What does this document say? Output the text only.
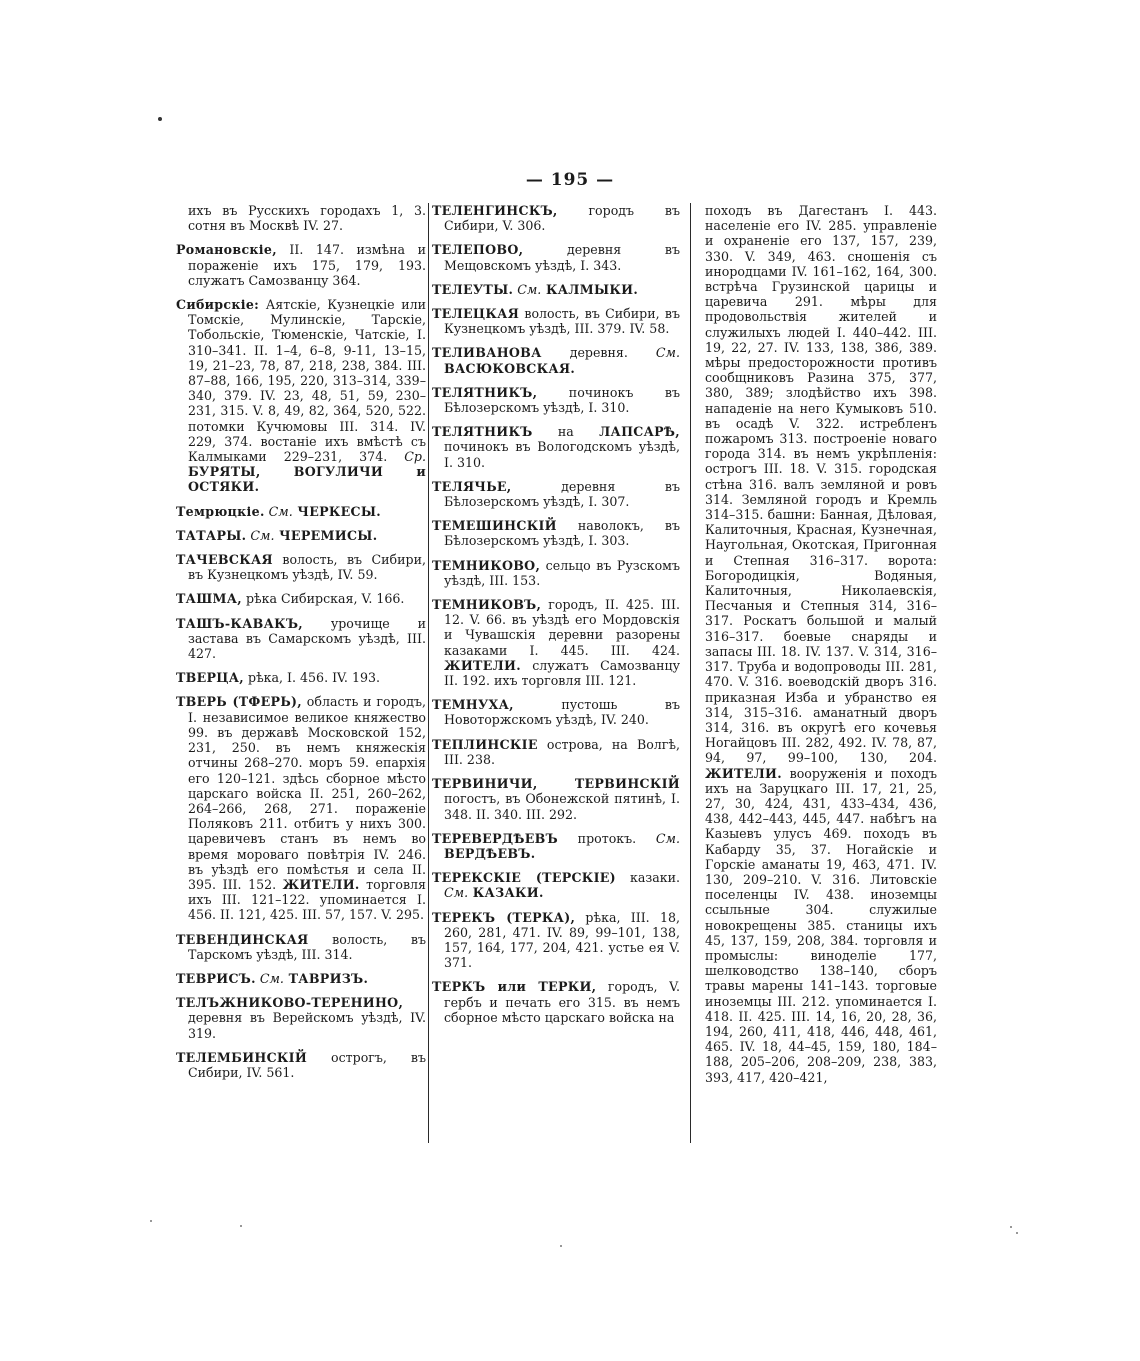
— 195 —

ихъ въ Русскихъ городахъ 1, 3. сотня въ Москвѣ IV. 27.

Романовскіе, II. 147. измѣна и пораженіе ихъ 175, 179, 193. служатъ Самозванцу 364.

Сибирскіе: Аятскіе, Кузнецкіе или Томскіе, Мулинскіе, Тарскіе, Тобольскіе, Тюменскіе, Чатскіе, I. 310–341. II. 1–4, 6–8, 9-11, 13–15, 19, 21–23, 78, 87, 218, 238, 384. III. 87–88, 166, 195, 220, 313–314, 339–340, 379. IV. 23, 48, 51, 59, 230–231, 315. V. 8, 49, 82, 364, 520, 522. потомки Кучюмовы III. 314. IV. 229, 374. востаніе ихъ вмѣстѣ съ Калмыками 229–231, 374. Ср. БУРЯТЫ, ВОГУЛИЧИ и ОСТЯКИ.

Темрюцкіе. См. ЧЕРКЕСЫ.

ТАТАРЫ. См. ЧЕРЕМИСЫ.

ТАЧЕВСКАЯ волость, въ Сибири, въ Кузнецкомъ уѣздѣ, IV. 59.

ТАШМА, рѣка Сибирская, V. 166.

ТАШЪ-КАВАКЪ, урочище и застава въ Самарскомъ уѣздѣ, III. 427.

ТВЕРЦА, рѣка, I. 456. IV. 193.

ТВЕРЬ (ТФЕРЬ), область и городъ, I. независимое великое княжество 99. въ державѣ Московской 152, 231, 250. въ немъ княжескія отчины 268–270. моръ 59. епархія его 120–121. здѣсь сборное мѣсто царскаго войска II. 251, 260–262, 264–266, 268, 271. пораженіе Поляковъ 211. отбитъ у нихъ 300. царевичевъ станъ въ немъ во время моровагo повѣтрія IV. 246. въ уѣздѣ его помѣстья и села II. 395. III. 152. ЖИТЕЛИ. торговля ихъ III. 121–122. упоминается I. 456. II. 121, 425. III. 57, 157. V. 295.

ТЕВЕНДИНСКАЯ волость, въ Тарскомъ уѣздѣ, III. 314.

ТЕВРИСЪ. См. ТАВРИЗЪ.

ТЕЛЪЖНИКОВО-ТЕРЕНИНО, деревня въ Верейскомъ уѣздѣ, IV. 319.

ТЕЛЕМБИНСКІЙ острогъ, въ Сибири, IV. 561.

ТЕЛЕНГИНСКЪ, городъ въ Сибири, V. 306.

ТЕЛЕПОВО, деревня въ Мещовскомъ уѣздѣ, I. 343.

ТЕЛЕУТЫ. См. КАЛМЫКИ.

ТЕЛЕЦКАЯ волость, въ Сибири, въ Кузнецкомъ уѣздѣ, III. 379. IV. 58.

ТЕЛИВАНОВА деревня. См. ВАСЮКОВСКАЯ.

ТЕЛЯТНИКЪ, починокъ въ Бѣлозерскомъ уѣздѣ, I. 310.

ТЕЛЯТНИКЪ на ЛАПСАРѢ, починокъ въ Вологодскомъ уѣздѣ, I. 310.

ТЕЛЯЧЬЕ, деревня въ Бѣлозерскомъ уѣздѣ, I. 307.

ТЕМЕШИНСКІЙ наволокъ, въ Бѣлозерскомъ уѣздѣ, I. 303.

ТЕМНИКОВО, сельцо въ Рузскомъ уѣздѣ, III. 153.

ТЕМНИКОВЪ, городъ, II. 425. III. 12. V. 66. въ уѣздѣ его Мордовскія и Чувашскія деревни разорены казаками I. 445. III. 424. ЖИТЕЛИ. служатъ Самозванцу II. 192. ихъ торговля III. 121.

ТЕМНУХА, пустошь въ Новоторжскомъ уѣздѣ, IV. 240.

ТЕПЛИНСКІЕ острова, на Волгѣ, III. 238.

ТЕРВИНИЧИ, ТЕРВИНСКІЙ погостъ, въ Обонежской пятинѣ, I. 348. II. 340. III. 292.

ТЕРЕВЕРДѢЕВЪ протокъ. См. ВЕРДѢЕВЪ.

ТЕРЕКСКІЕ (ТЕРСКІЕ) казаки. См. КАЗАКИ.

ТЕРЕКЪ (ТЕРКА), рѣка, III. 18, 260, 281, 471. IV. 89, 99–101, 138, 157, 164, 177, 204, 421. устье ея V. 371.

ТЕРКЪ или ТЕРКИ, городъ, V. гербъ и печать его 315. въ немъ сборное мѣсто царскаго войска на

походъ въ Дагестанъ I. 443. населеніе его IV. 285. управленіе и охраненіе его 137, 157, 239, 330. V. 349, 463. сношенія съ инородцами IV. 161–162, 164, 300. встрѣча Грузинской царицы и царевича 291. мѣры для продовольствія жителей и служилыхъ людей I. 440–442. III. 19, 22, 27. IV. 133, 138, 386, 389. мѣры предосторожности противъ сообщниковъ Разина 375, 377, 380, 389; злодѣйство ихъ 398. нападеніе на него Кумыковъ 510. въ осадѣ V. 322. истребленъ пожаромъ 313. построеніе новаго города 314. въ немъ укрѣпленія: острогъ III. 18. V. 315. городская стѣна 316. валъ земляной и ровъ 314. Земляной городъ и Кремль 314–315. башни: Банная, Дѣловая, Калиточныя, Красная, Кузнечная, Наугольная, Окотская, Пригонная и Степная 316–317. ворота: Богородицкія, Водяныя, Калиточныя, Николаевскія, Песчаныя и Степныя 314, 316–317. Роскатъ большой и малый 316–317. боевые снаряды и запасы III. 18. IV. 137. V. 314, 316–317. Труба и водопроводы III. 281, 470. V. 316. воеводскій дворъ 316. приказная Изба и убранство ея 314, 315–316. аманатный дворъ 314, 316. въ округѣ его кочевья Ногайцовъ III. 282, 492. IV. 78, 87, 94, 97, 99–100, 130, 204. ЖИТЕЛИ. вооруженія и походъ ихъ на Заруцкаго III. 17, 21, 25, 27, 30, 424, 431, 433–434, 436, 438, 442–443, 445, 447. набѣгъ на Казыевъ улусъ 469. походъ въ Кабарду 35, 37. Ногайскіе и Горскіе аманаты 19, 463, 471. IV. 130, 209–210. V. 316. Литовскіе поселенцы IV. 438. иноземцы ссыльные 304. служилые новокрещены 385. станицы ихъ 45, 137, 159, 208, 384. торговля и промыслы: виноделіе 177, шелководство 138–140, сборъ травы марены 141–143. торговые иноземцы III. 212. упоминается I. 418. II. 425. III. 14, 16, 20, 28, 36, 194, 260, 411, 418, 446, 448, 461, 465. IV. 18, 44–45, 159, 180, 184–188, 205–206, 208–209, 238, 383, 393, 417, 420–421,
